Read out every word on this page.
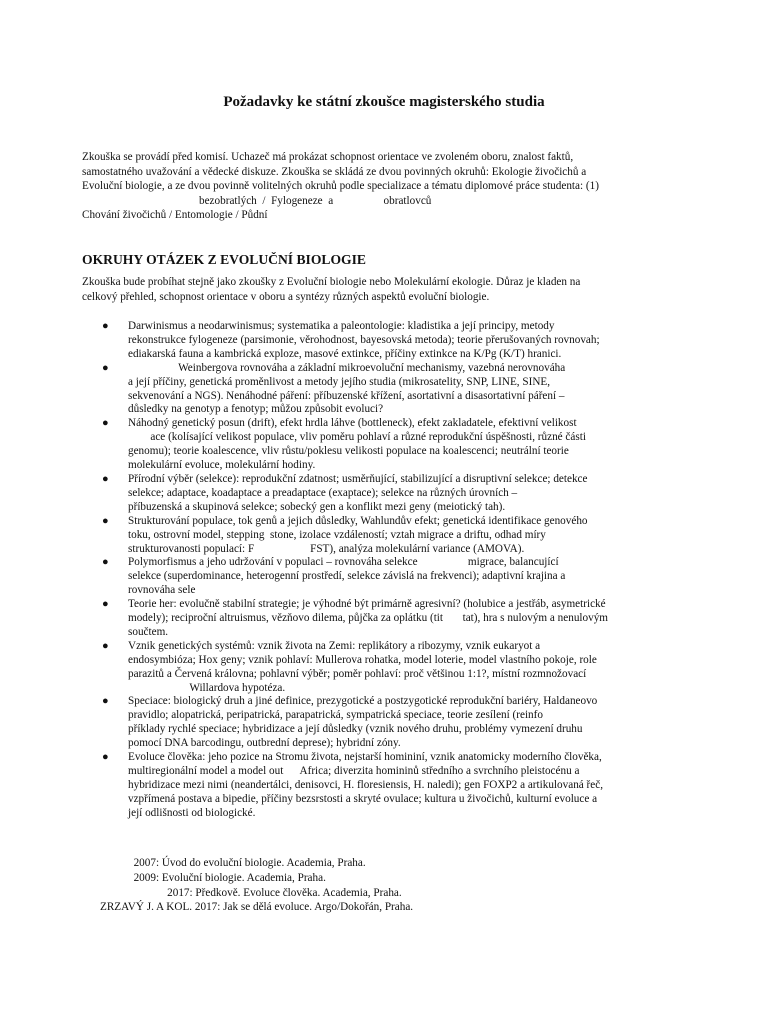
Požadavky ke státní zkoušce magisterského studia
Zkouška se provádí před komisí. Uchazeč má prokázat schopnost orientace ve zvoleném oboru, znalost faktů,
samostatného uvažování a vědecké diskuze. Zkouška se skládá ze dvou povinných okruhů: Ekologie živočichů a
Evoluční biologie, a ze dvou povinně volitelných okruhů podle specializace a tématu diplomové práce studenta: (1)
bezobratlých  /  Fylogeneze  a                  obratlovců
Chování živočichů / Entomologie / Půdní
OKRUHY OTÁZEK Z EVOLUČNÍ BIOLOGIE
Zkouška bude probíhat stejně jako zkoušky z Evoluční biologie nebo Molekulární ekologie. Důraz je kladen na
celkový přehled, schopnost orientace v oboru a syntézy různých aspektů evoluční biologie.
● Darwinismus a neodarwinismus; systematika a paleontologie: kladistika a její principy, metody
rekonstrukce fylogeneze (parsimonie, věrohodnost, bayesovská metoda); teorie přerušovaných rovnovah;
ediakarská fauna a kambrická exploze, masové extinkce, příčiny extinkce na K/Pg (K/T) hranici.
● Weinbergova rovnováha a základní mikroevoluční mechanismy, vazebná nerovnováha
a její příčiny, genetická proměnlivost a metody jejího studia (mikrosatelity, SNP, LINE, SINE,
sekvenování a NGS). Nenáhodné páření: příbuzenské křížení, asortativní a disasortativní páření –
důsledky na genotyp a fenotyp; můžou způsobit evoluci?
● Náhodný genetický posun (drift), efekt hrdla láhve (bottleneck), efekt zakladatele, efektivní velikost
ace (kolísající velikost populace, vliv poměru pohlaví a různé reprodukční úspěšnosti, různé části
genomu); teorie koalescence, vliv růstu/poklesu velikosti populace na koalescenci; neutrální teorie
molekulární evoluce, molekulární hodiny.
● Přírodní výběr (selekce): reprodukční zdatnost; usměrňující, stabilizující a disruptivní selekce; detekce
selekce; adaptace, koadaptace a preadaptace (exaptace); selekce na různých úrovních –
příbuzenská a skupinová selekce; sobecký gen a konflikt mezi geny (meiotický tah).
● Strukturování populace, tok genů a jejich důsledky, Wahlundův efekt; genetická identifikace genového
toku, ostrovní model, stepping  stone, izolace vzdáleností; vztah migrace a driftu, odhad míry
strukturovanosti populací: F                    FST), analýza molekulární variance (AMOVA).
● Polymorfismus a jeho udržování v populaci – rovnováha selekce                  migrace, balancující
selekce (superdominance, heterogenní prostředí, selekce závislá na frekvenci); adaptivní krajina a
rovnováha sele
● Teorie her: evolučně stabilní strategie; je výhodné být primárně agresivní? (holubice a jestřáb, asymetrické
modely); reciproční altruismus, vězňovo dilema, půjčka za oplátku (tit       tat), hra s nulovým a nenulovým
součtem.
● Vznik genetických systémů: vznik života na Zemi: replikátory a ribozymy, vznik eukaryot a
endosymbióza; Hox geny; vznik pohlaví: Mullerova rohatka, model loterie, model vlastního pokoje, role
parazitů a Červená královna; pohlavní výběr; poměr pohlaví: proč většinou 1:1?, místní rozmnožovací
Willardova hypotéza.
● Speciace: biologický druh a jiné definice, prezygotické a postzygotické reprodukční bariéry, Haldaneovo
pravidlo; alopatrická, peripatrická, parapatrická, sympatrická speciace, teorie zesílení (reinfo
příklady rychlé speciace; hybridizace a její důsledky (vznik nového druhu, problémy vymezení druhu
pomocí DNA barcodingu, outbrední deprese); hybridní zóny.
● Evoluce člověka: jeho pozice na Stromu života, nejstarší homininí, vznik anatomicky moderního člověka,
multiregionální model a model out      Africa; diverzita homininů středního a svrchního pleistocénu a
hybridizace mezi nimi (neandertálci, denisovci, H. floresiensis, H. naledi); gen FOXP2 a artikulovaná řeč,
vzpřímená postava a bipedie, příčiny bezsrstosti a skryté ovulace; kultura u živočichů, kulturní evoluce a
její odlišnosti od biologické.
2007: Úvod do evoluční biologie. Academia, Praha.
2009: Evoluční biologie. Academia, Praha.
2017: Předkově. Evoluce člověka. Academia, Praha.
ZRZAVÝ J. A KOL. 2017: Jak se dělá evoluce. Argo/Dokořán, Praha.
